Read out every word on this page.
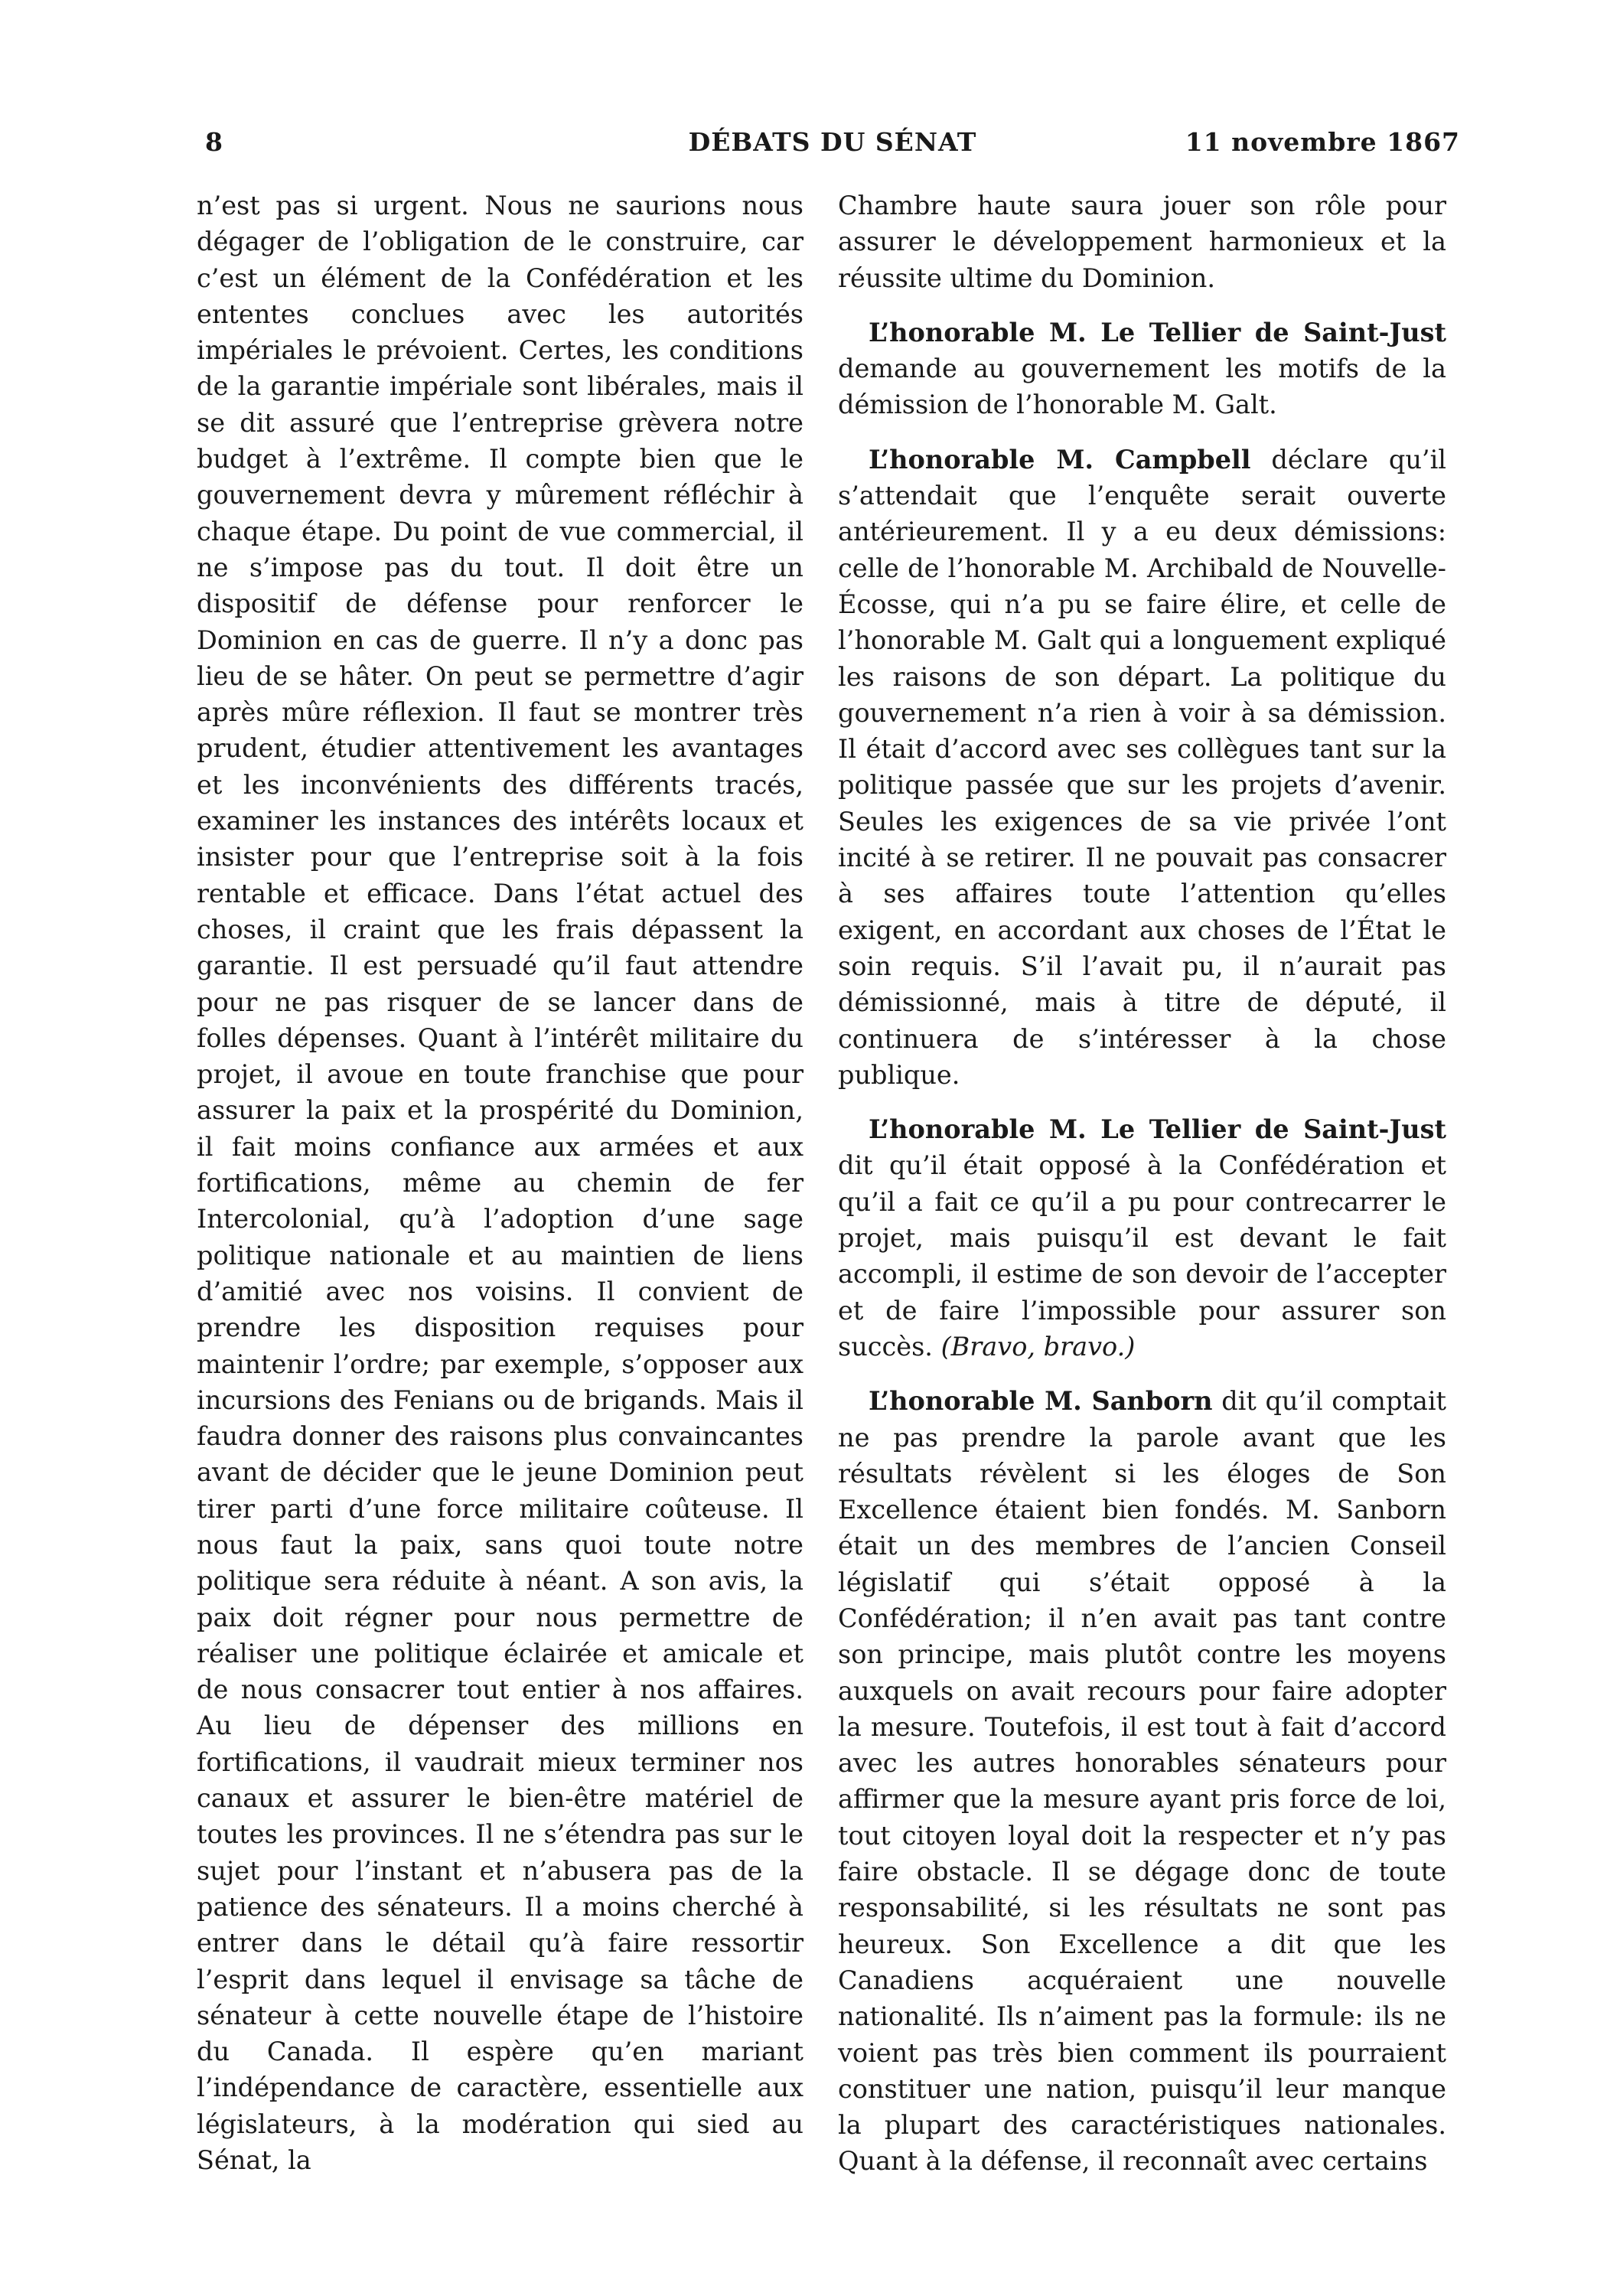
8	DÉBATS DU SÉNAT	11 novembre 1867

n’est pas si urgent. Nous ne saurions nous dégager de l’obligation de le construire, car c’est un élément de la Confédération et les ententes conclues avec les autorités impériales le prévoient. Certes, les conditions de la garantie impériale sont libérales, mais il se dit assuré que l’entreprise grèvera notre budget à l’extrême. Il compte bien que le gouvernement devra y mûrement réfléchir à chaque étape. Du point de vue commercial, il ne s’impose pas du tout. Il doit être un dispositif de défense pour renforcer le Dominion en cas de guerre. Il n’y a donc pas lieu de se hâter. On peut se permettre d’agir après mûre réflexion. Il faut se montrer très prudent, étudier attentivement les avantages et les inconvénients des différents tracés, examiner les instances des intérêts locaux et insister pour que l’entreprise soit à la fois rentable et efficace. Dans l’état actuel des choses, il craint que les frais dépassent la garantie. Il est persuadé qu’il faut attendre pour ne pas risquer de se lancer dans de folles dépenses. Quant à l’intérêt militaire du projet, il avoue en toute franchise que pour assurer la paix et la prospérité du Dominion, il fait moins confiance aux armées et aux fortifications, même au chemin de fer Intercolonial, qu’à l’adoption d’une sage politique nationale et au maintien de liens d’amitié avec nos voisins. Il convient de prendre les disposition requises pour maintenir l’ordre; par exemple, s’opposer aux incursions des Fenians ou de brigands. Mais il faudra donner des raisons plus convaincantes avant de décider que le jeune Dominion peut tirer parti d’une force militaire coûteuse. Il nous faut la paix, sans quoi toute notre politique sera réduite à néant. A son avis, la paix doit régner pour nous permettre de réaliser une politique éclairée et amicale et de nous consacrer tout entier à nos affaires. Au lieu de dépenser des millions en fortifications, il vaudrait mieux terminer nos canaux et assurer le bien-être matériel de toutes les provinces. Il ne s’étendra pas sur le sujet pour l’instant et n’abusera pas de la patience des sénateurs. Il a moins cherché à entrer dans le détail qu’à faire ressortir l’esprit dans lequel il envisage sa tâche de sénateur à cette nouvelle étape de l’histoire du Canada. Il espère qu’en mariant l’indépendance de caractère, essentielle aux législateurs, à la modération qui sied au Sénat, la

Chambre haute saura jouer son rôle pour assurer le développement harmonieux et la réussite ultime du Dominion.

L’honorable M. Le Tellier de Saint-Just demande au gouvernement les motifs de la démission de l’honorable M. Galt.

L’honorable M. Campbell déclare qu’il s’attendait que l’enquête serait ouverte antérieurement. Il y a eu deux démissions: celle de l’honorable M. Archibald de Nouvelle-Écosse, qui n’a pu se faire élire, et celle de l’honorable M. Galt qui a longuement expliqué les raisons de son départ. La politique du gouvernement n’a rien à voir à sa démission. Il était d’accord avec ses collègues tant sur la politique passée que sur les projets d’avenir. Seules les exigences de sa vie privée l’ont incité à se retirer. Il ne pouvait pas consacrer à ses affaires toute l’attention qu’elles exigent, en accordant aux choses de l’État le soin requis. S’il l’avait pu, il n’aurait pas démissionné, mais à titre de député, il continuera de s’intéresser à la chose publique.

L’honorable M. Le Tellier de Saint-Just dit qu’il était opposé à la Confédération et qu’il a fait ce qu’il a pu pour contrecarrer le projet, mais puisqu’il est devant le fait accompli, il estime de son devoir de l’accepter et de faire l’impossible pour assurer son succès. (Bravo, bravo.)

L’honorable M. Sanborn dit qu’il comptait ne pas prendre la parole avant que les résultats révèlent si les éloges de Son Excellence étaient bien fondés. M. Sanborn était un des membres de l’ancien Conseil législatif qui s’était opposé à la Confédération; il n’en avait pas tant contre son principe, mais plutôt contre les moyens auxquels on avait recours pour faire adopter la mesure. Toutefois, il est tout à fait d’accord avec les autres honorables sénateurs pour affirmer que la mesure ayant pris force de loi, tout citoyen loyal doit la respecter et n’y pas faire obstacle. Il se dégage donc de toute responsabilité, si les résultats ne sont pas heureux. Son Excellence a dit que les Canadiens acquéraient une nouvelle nationalité. Ils n’aiment pas la formule: ils ne voient pas très bien comment ils pourraient constituer une nation, puisqu’il leur manque la plupart des caractéristiques nationales. Quant à la défense, il reconnaît avec certains
